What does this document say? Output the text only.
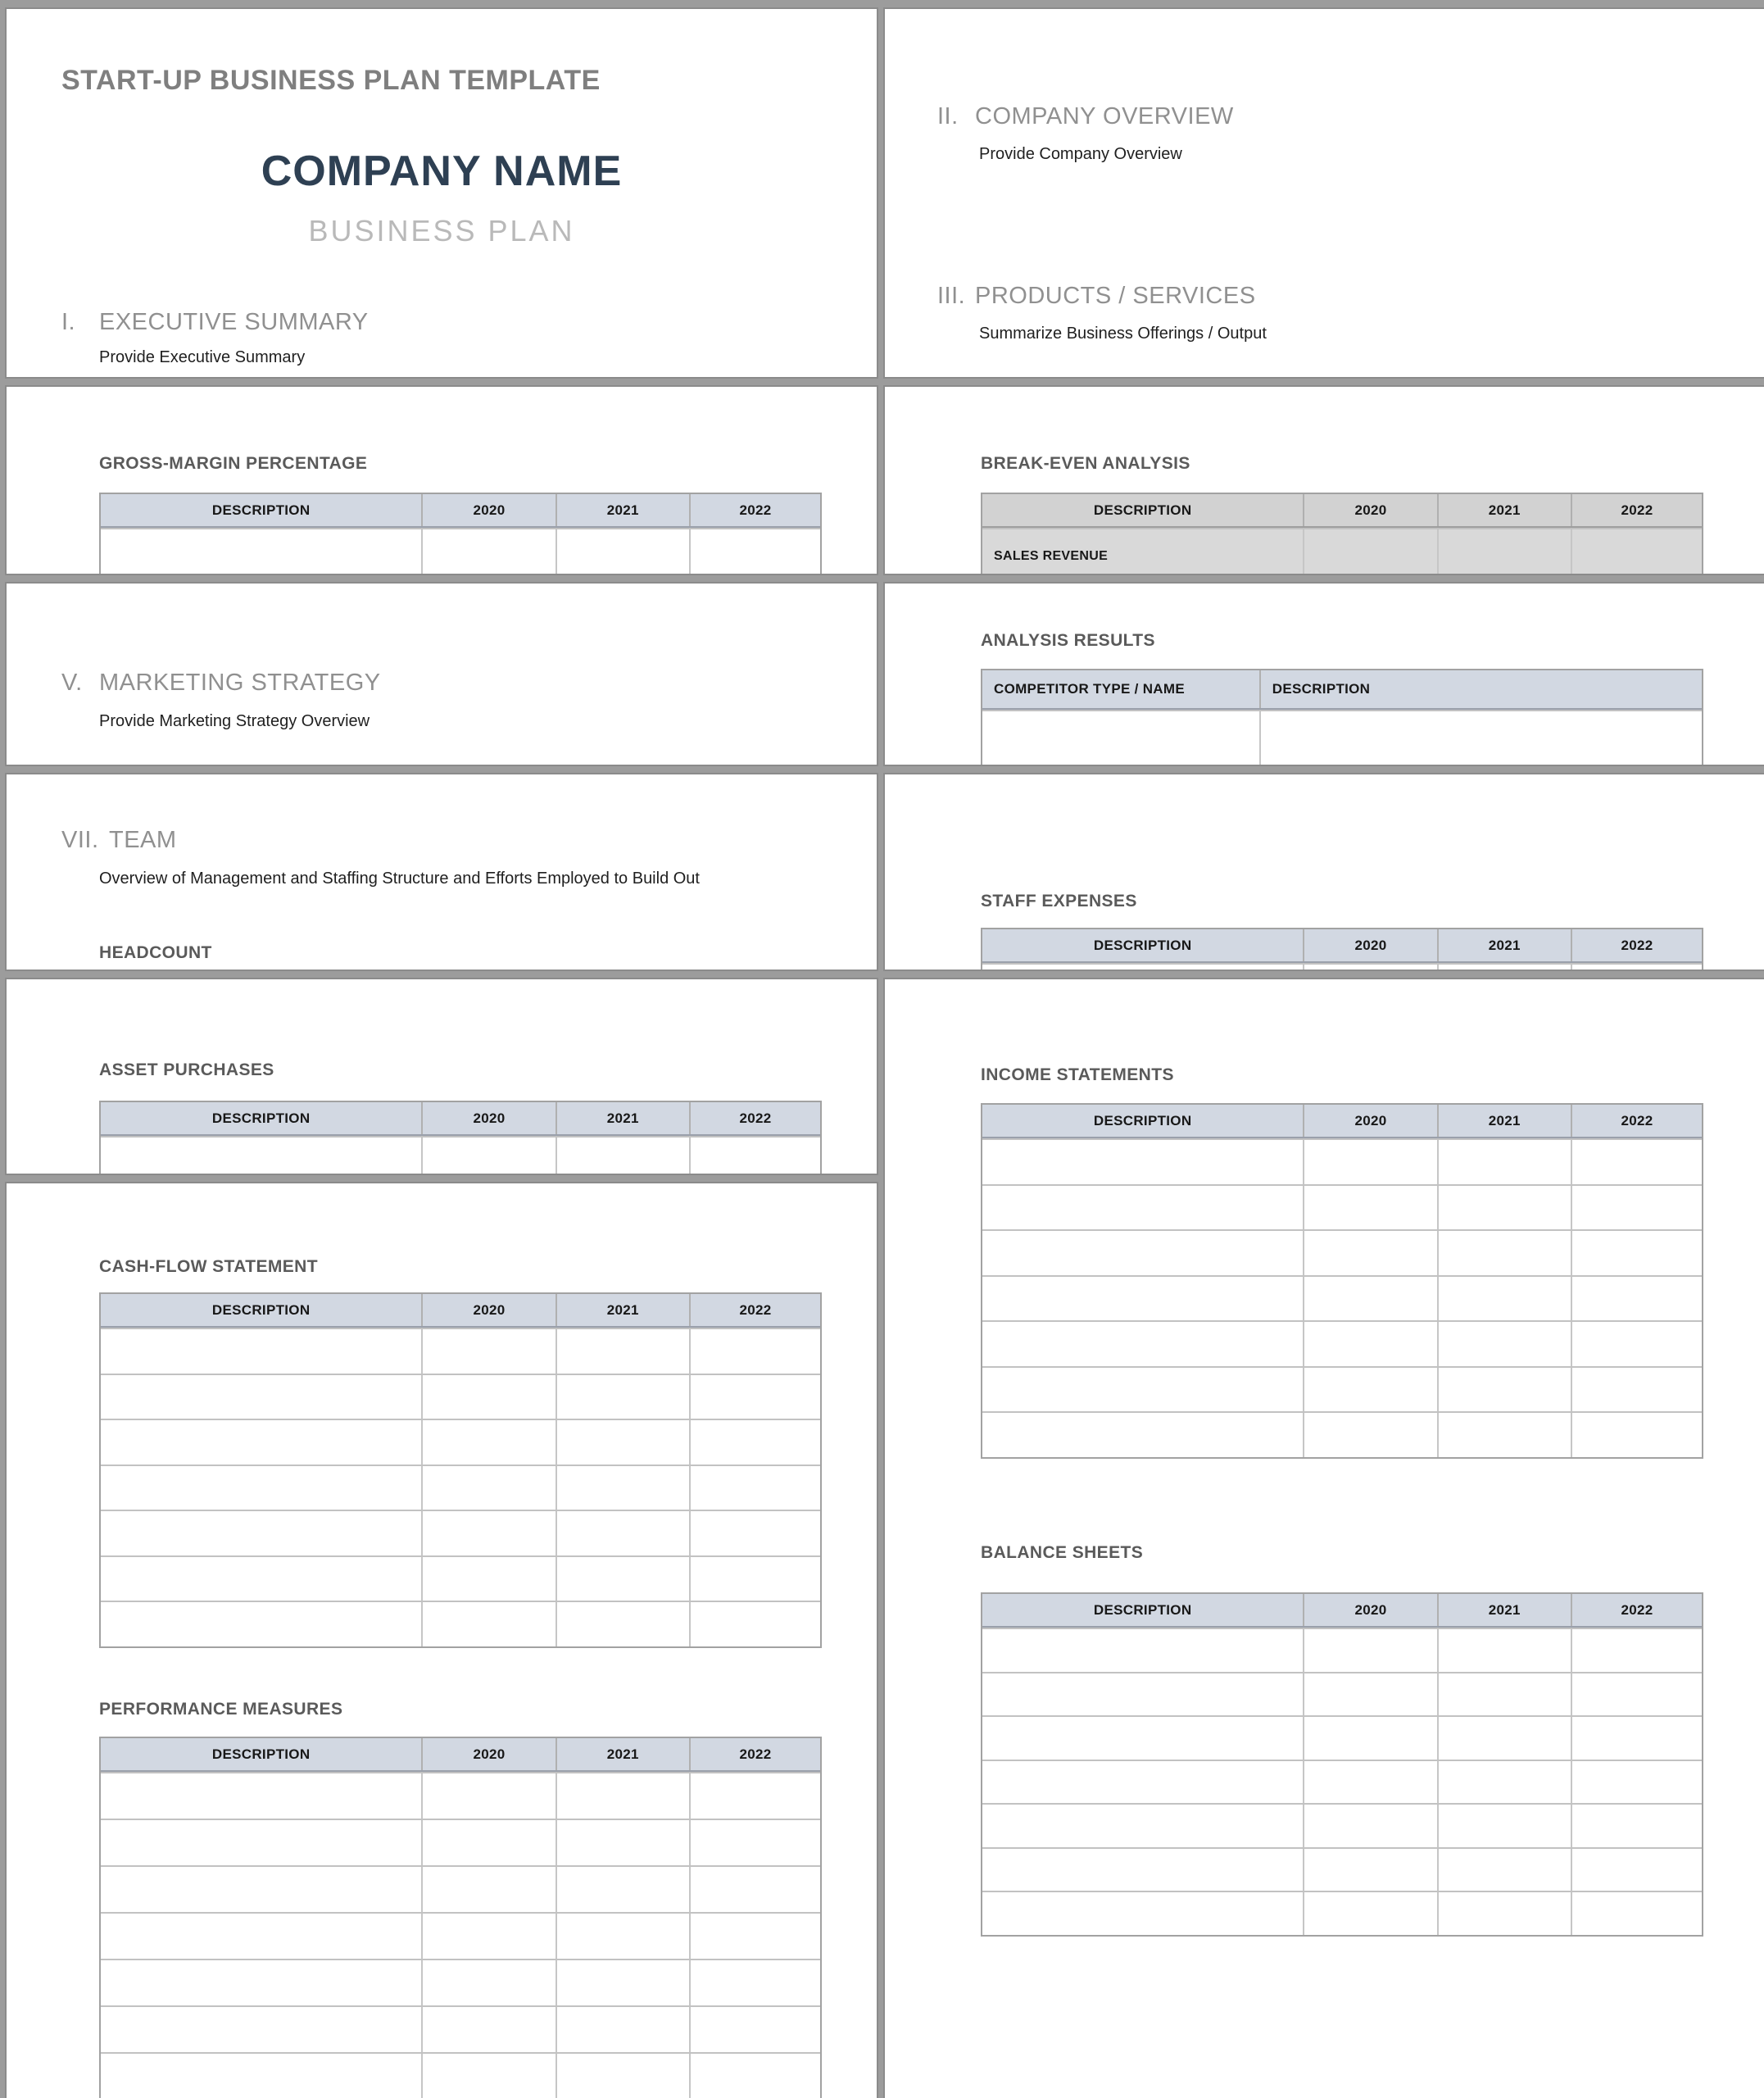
START-UP BUSINESS PLAN TEMPLATE
COMPANY NAME
BUSINESS PLAN
I. EXECUTIVE SUMMARY
Provide Executive Summary
GROSS-MARGIN PERCENTAGE
DESCRIPTION	2020	2021	2022
V. MARKETING STRATEGY
Provide Marketing Strategy Overview
VII. TEAM
Overview of Management and Staffing Structure and Efforts Employed to Build Out
HEADCOUNT
ASSET PURCHASES
DESCRIPTION	2020	2021	2022
CASH-FLOW STATEMENT
DESCRIPTION	2020	2021	2022
PERFORMANCE MEASURES
DESCRIPTION	2020	2021	2022
II. COMPANY OVERVIEW
Provide Company Overview
III. PRODUCTS / SERVICES
Summarize Business Offerings / Output
BREAK-EVEN ANALYSIS
DESCRIPTION	2020	2021	2022
SALES REVENUE
ANALYSIS RESULTS
COMPETITOR TYPE / NAME	DESCRIPTION
STAFF EXPENSES
DESCRIPTION	2020	2021	2022
INCOME STATEMENTS
DESCRIPTION	2020	2021	2022
BALANCE SHEETS
DESCRIPTION	2020	2021	2022
